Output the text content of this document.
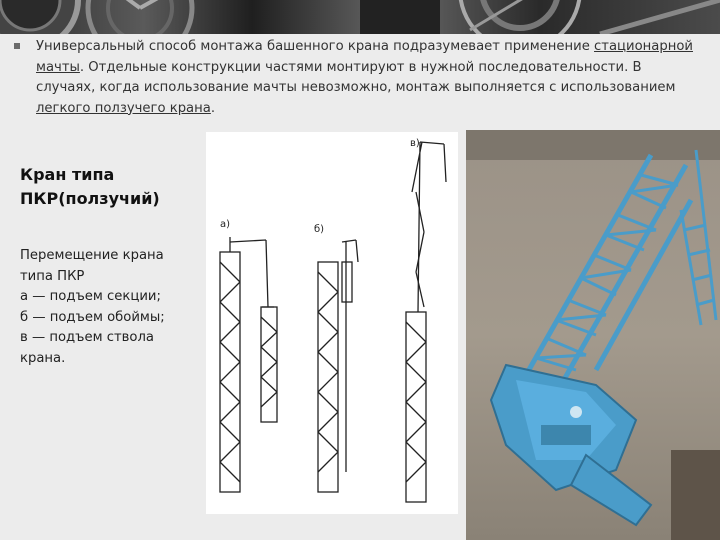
Универсальный способ монтажа башенного крана подразумевает применение стационарной мачты. Отдельные конструкции частями монтируют в нужной последовательности. В случаях, когда использование мачты невозможно, монтаж выполняется с использованием легкого ползучего крана.
Кран типа
ПКР(ползучий)
Перемещение крана
типа ПКР
а — подъем секции;
б — подъем обоймы;
в — подъем ствола
крана.
а)	б)
в)
